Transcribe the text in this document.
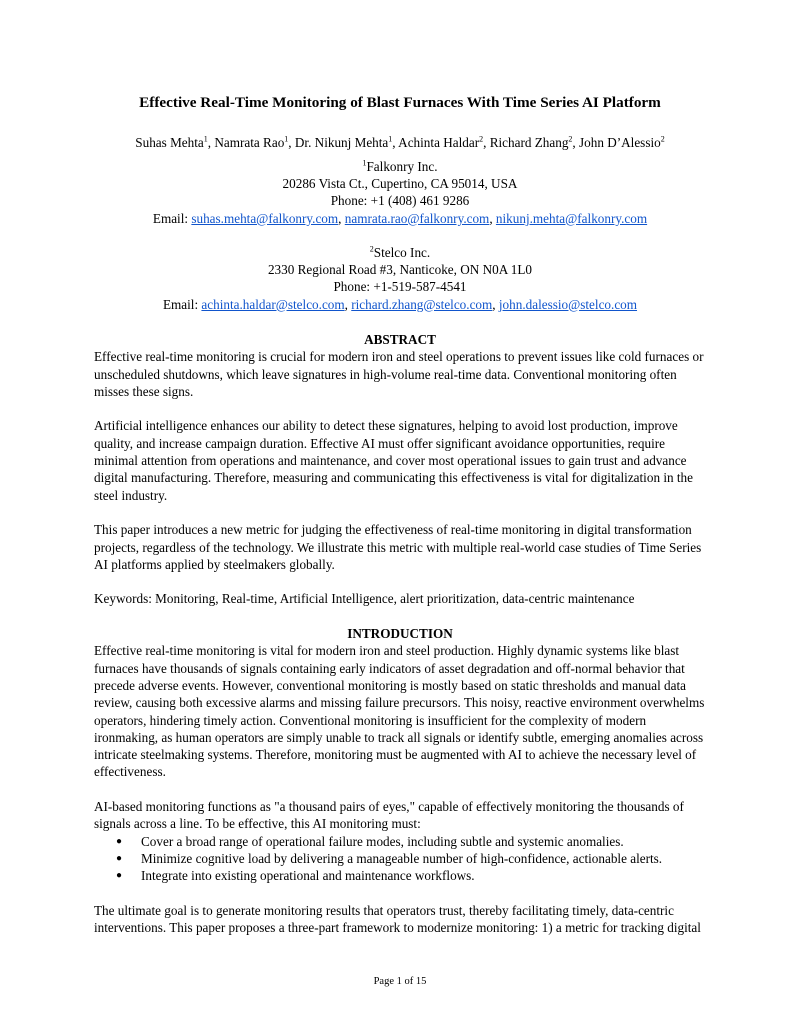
Effective Real-Time Monitoring of Blast Furnaces With Time Series AI Platform

Suhas Mehta$^1$, Namrata Rao$^1$, Dr. Nikunj Mehta$^1$, Achinta Haldar$^2$, Richard Zhang$^2$, John D’Alessio$^2$

$^1$Falkonry Inc.
20286 Vista Ct., Cupertino, CA 95014, USA
Phone: +1 (408) 461 9286
Email: suhas.mehta@falkonry.com, namrata.rao@falkonry.com, nikunj.mehta@falkonry.com
$^2$Stelco Inc.
2330 Regional Road #3, Nanticoke, ON N0A 1L0
Phone: +1-519-587-4541
Email: achinta.haldar@stelco.com, richard.zhang@stelco.com, john.dalessio@stelco.com
ABSTRACT

Effective real-time monitoring is crucial for modern iron and steel operations to prevent issues like cold furnaces or unscheduled shutdowns, which leave signatures in high-volume real-time data. Conventional monitoring often misses these signs.

Artificial intelligence enhances our ability to detect these signatures, helping to avoid lost production, improve quality, and increase campaign duration. Effective AI must offer significant avoidance opportunities, require minimal attention from operations and maintenance, and cover most operational issues to gain trust and advance digital manufacturing. Therefore, measuring and communicating this effectiveness is vital for digitalization in the steel industry.

This paper introduces a new metric for judging the effectiveness of real-time monitoring in digital transformation projects, regardless of the technology. We illustrate this metric with multiple real-world case studies of Time Series AI platforms applied by steelmakers globally.

Keywords: Monitoring, Real-time, Artificial Intelligence, alert prioritization, data-centric maintenance

INTRODUCTION

Effective real-time monitoring is vital for modern iron and steel production. Highly dynamic systems like blast furnaces have thousands of signals containing early indicators of asset degradation and off-normal behavior that precede adverse events. However, conventional monitoring is mostly based on static thresholds and manual data review, causing both excessive alarms and missing failure precursors. This noisy, reactive environment overwhelms operators, hindering timely action. Conventional monitoring is insufficient for the complexity of modern ironmaking, as human operators are simply unable to track all signals or identify subtle, emerging anomalies across intricate steelmaking systems. Therefore, monitoring must be augmented with AI to achieve the necessary level of effectiveness.

AI-based monitoring functions as "a thousand pairs of eyes," capable of effectively monitoring the thousands of signals across a line. To be effective, this AI monitoring must:

● Cover a broad range of operational failure modes, including subtle and systemic anomalies.
● Minimize cognitive load by delivering a manageable number of high-confidence, actionable alerts.
● Integrate into existing operational and maintenance workflows.

The ultimate goal is to generate monitoring results that operators trust, thereby facilitating timely, data-centric interventions. This paper proposes a three-part framework to modernize monitoring: 1) a metric for tracking digital

Page 1 of 15
